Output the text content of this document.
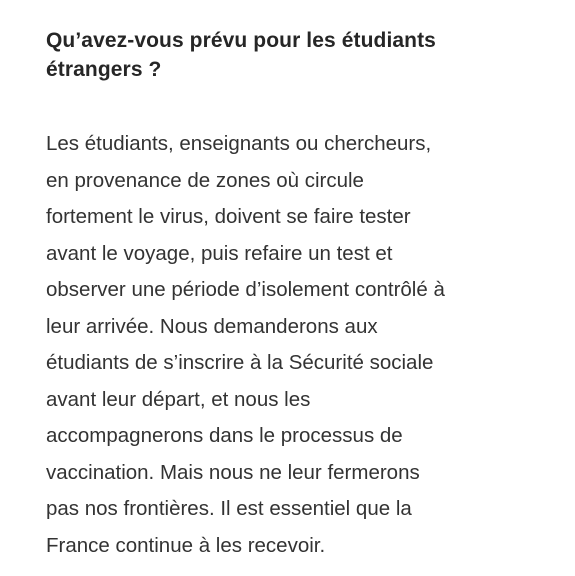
Qu’avez-vous prévu pour les étudiants
étrangers ?

Les étudiants, enseignants ou chercheurs,
en provenance de zones où circule
fortement le virus, doivent se faire tester
avant le voyage, puis refaire un test et
observer une période d’isolement contrôlé à
leur arrivée. Nous demanderons aux
étudiants de s’inscrire à la Sécurité sociale
avant leur départ, et nous les
accompagnerons dans le processus de
vaccination. Mais nous ne leur fermerons
pas nos frontières. Il est essentiel que la
France continue à les recevoir.
